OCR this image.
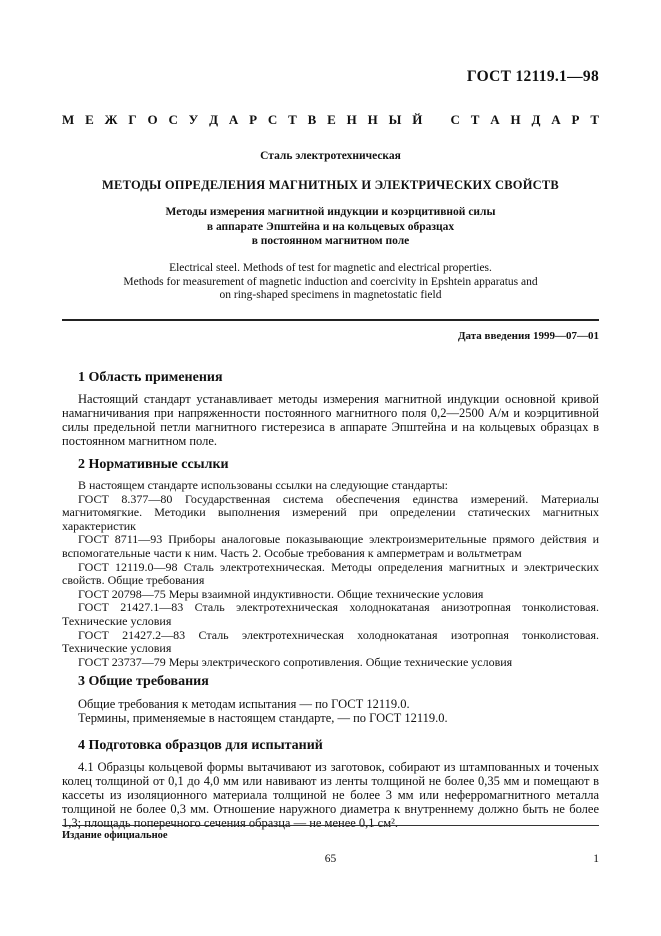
ГОСТ 12119.1—98
М Е Ж Г О С У Д А Р С Т В Е Н Н Ы Й
С Т А Н Д А Р Т
Сталь электротехническая
МЕТОДЫ ОПРЕДЕЛЕНИЯ МАГНИТНЫХ И ЭЛЕКТРИЧЕСКИХ СВОЙСТВ
Методы измерения магнитной индукции и коэрцитивной силы
в аппарате Эпштейна и на кольцевых образцах
в постоянном магнитном поле
Electrical steel. Methods of test for magnetic and electrical properties.
Methods for measurement of magnetic induction and coercivity in Epshtein apparatus and
on ring-shaped specimens in magnetostatic field
Дата введения 1999—07—01
1 Область применения
Настоящий стандарт устанавливает методы измерения магнитной индукции основной кривой намагничивания при напряженности постоянного магнитного поля 0,2—2500 А/м и коэрцитивной силы предельной петли магнитного гистерезиса в аппарате Эпштейна и на кольцевых образцах в постоянном магнитном поле.
2 Нормативные ссылки

В настоящем стандарте использованы ссылки на следующие стандарты:

ГОСТ 8.377—80 Государственная система обеспечения единства измерений. Материалы магнитомягкие. Методики выполнения измерений при определении статических магнитных характеристик

ГОСТ 8711—93 Приборы аналоговые показывающие электроизмерительные прямого действия и вспомогательные части к ним. Часть 2. Особые требования к амперметрам и вольтметрам

ГОСТ 12119.0—98 Сталь электротехническая. Методы определения магнитных и электрических свойств. Общие требования

ГОСТ 20798—75 Меры взаимной индуктивности. Общие технические условия

ГОСТ 21427.1—83 Сталь электротехническая холоднокатаная анизотропная тонколистовая. Технические условия

ГОСТ 21427.2—83 Сталь электротехническая холоднокатаная изотропная тонколистовая. Технические условия

ГОСТ 23737—79 Меры электрического сопротивления. Общие технические условия

3 Общие требования
Общие требования к методам испытания — по ГОСТ 12119.0.
Термины, применяемые в настоящем стандарте, — по ГОСТ 12119.0.
4 Подготовка образцов для испытаний
4.1 Образцы кольцевой формы вытачивают из заготовок, собирают из штампованных и точеных колец толщиной от 0,1 до 4,0 мм или навивают из ленты толщиной не более 0,35 мм и помещают в кассеты из изоляционного материала толщиной не более 3 мм или неферромагнитного металла толщиной не более 0,3 мм. Отношение наружного диаметра к внутреннему должно быть не более 1,3; площадь поперечного сечения образца — не менее 0,1 см².
Издание официальное
65	1
